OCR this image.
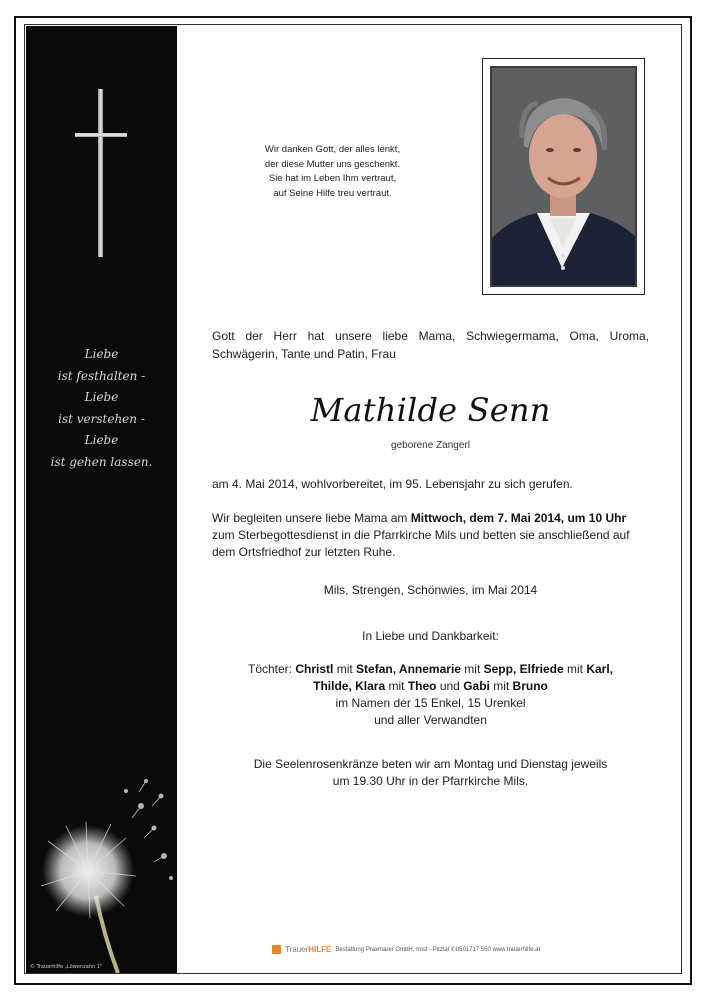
Liebe
ist festhalten -
Liebe
ist verstehen -
Liebe
ist gehen lassen.
© Trauerhilfe „Löwenzahn 1"
Wir danken Gott, der alles lenkt,
der diese Mutter uns geschenkt.
Sie hat im Leben Ihm vertraut,
auf Seine Hilfe treu vertraut.
Gott der Herr hat unsere liebe Mama, Schwiegermama, Oma, Uroma, Schwägerin, Tante und Patin, Frau
Mathilde Senn
geborene Zangerl
am 4. Mai 2014, wohlvorbereitet, im 95. Lebensjahr zu sich gerufen.
Wir begleiten unsere liebe Mama am Mittwoch, dem 7. Mai 2014, um 10 Uhr zum Sterbegottesdienst in die Pfarrkirche Mils und betten sie anschließend auf dem Ortsfriedhof zur letzten Ruhe.
Mils, Strengen, Schönwies, im Mai 2014
In Liebe und Dankbarkeit:
Töchter: Christl mit Stefan, Annemarie mit Sepp, Elfriede mit Karl,
Thilde, Klara mit Theo und Gabi mit Bruno
im Namen der 15 Enkel, 15 Urenkel
und aller Verwandten
Die Seelenrosenkränze beten wir am Montag und Dienstag jeweils
um 19.30 Uhr in der Pfarrkirche Mils.
TrauerHILFE Bestattung Praxmarer GmbH, Imst - Pitztal ✆0501717 550 www.trauerhilfe.at
